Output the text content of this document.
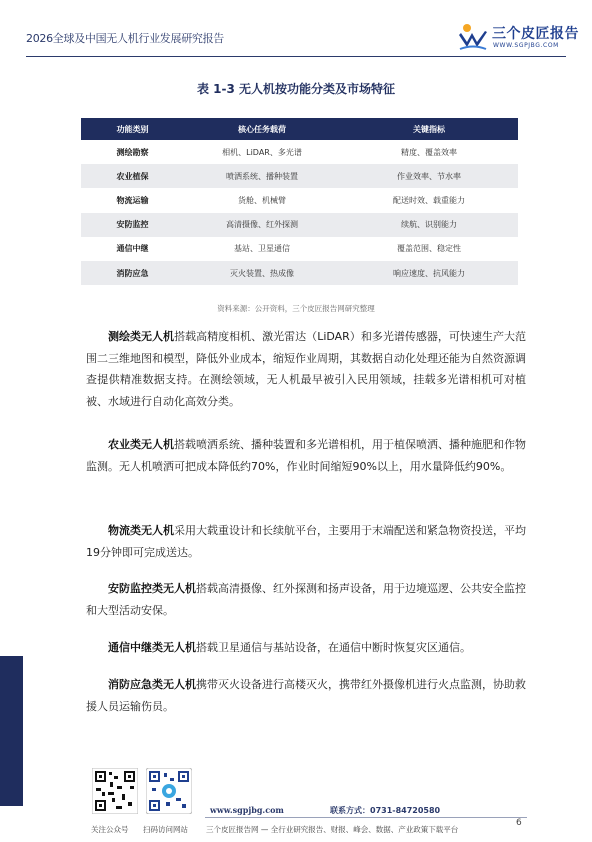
2026全球及中国无人机行业发展研究报告	三个皮匠报告
WWW.SGPJBG.COM
表 1-3 无人机按功能分类及市场特征
功能类别	核心任务载荷	关键指标
测绘勘察	相机、LiDAR、多光谱	精度、覆盖效率
农业植保	喷洒系统、播种装置	作业效率、节水率
物流运输	货舱、机械臂	配送时效、载重能力
安防监控	高清摄像、红外探测	续航、识别能力
通信中继	基站、卫星通信	覆盖范围、稳定性
消防应急	灭火装置、热成像	响应速度、抗风能力
资料来源：公开资料，三个皮匠报告网研究整理

测绘类无人机搭载高精度相机、激光雷达（LiDAR）和多光谱传感器，可快速生产大范围二三维地图和模型，降低外业成本，缩短作业周期，其数据自动化处理还能为自然资源调查提供精准数据支持。在测绘领域，无人机最早被引入民用领域，挂载多光谱相机可对植被、水域进行自动化高效分类。

农业类无人机搭载喷洒系统、播种装置和多光谱相机，用于植保喷洒、播种施肥和作物监测。无人机喷洒可把成本降低约70%，作业时间缩短90%以上，用水量降低约90%。

物流类无人机采用大载重设计和长续航平台，主要用于末端配送和紧急物资投送，平均19分钟即可完成送达。

安防监控类无人机搭载高清摄像、红外探测和扬声设备，用于边境巡逻、公共安全监控和大型活动安保。

通信中继类无人机搭载卫星通信与基站设备，在通信中断时恢复灾区通信。

消防应急类无人机携带灭火设备进行高楼灭火，携带红外摄像机进行火点监测，协助救援人员运输伤员。

关注公众号 扫码访问网站
www.sgpjbg.com	联系方式：0731-84720580
三个皮匠报告网 — 全行业研究报告、财报、峰会、数据、产业政策下载平台
6
